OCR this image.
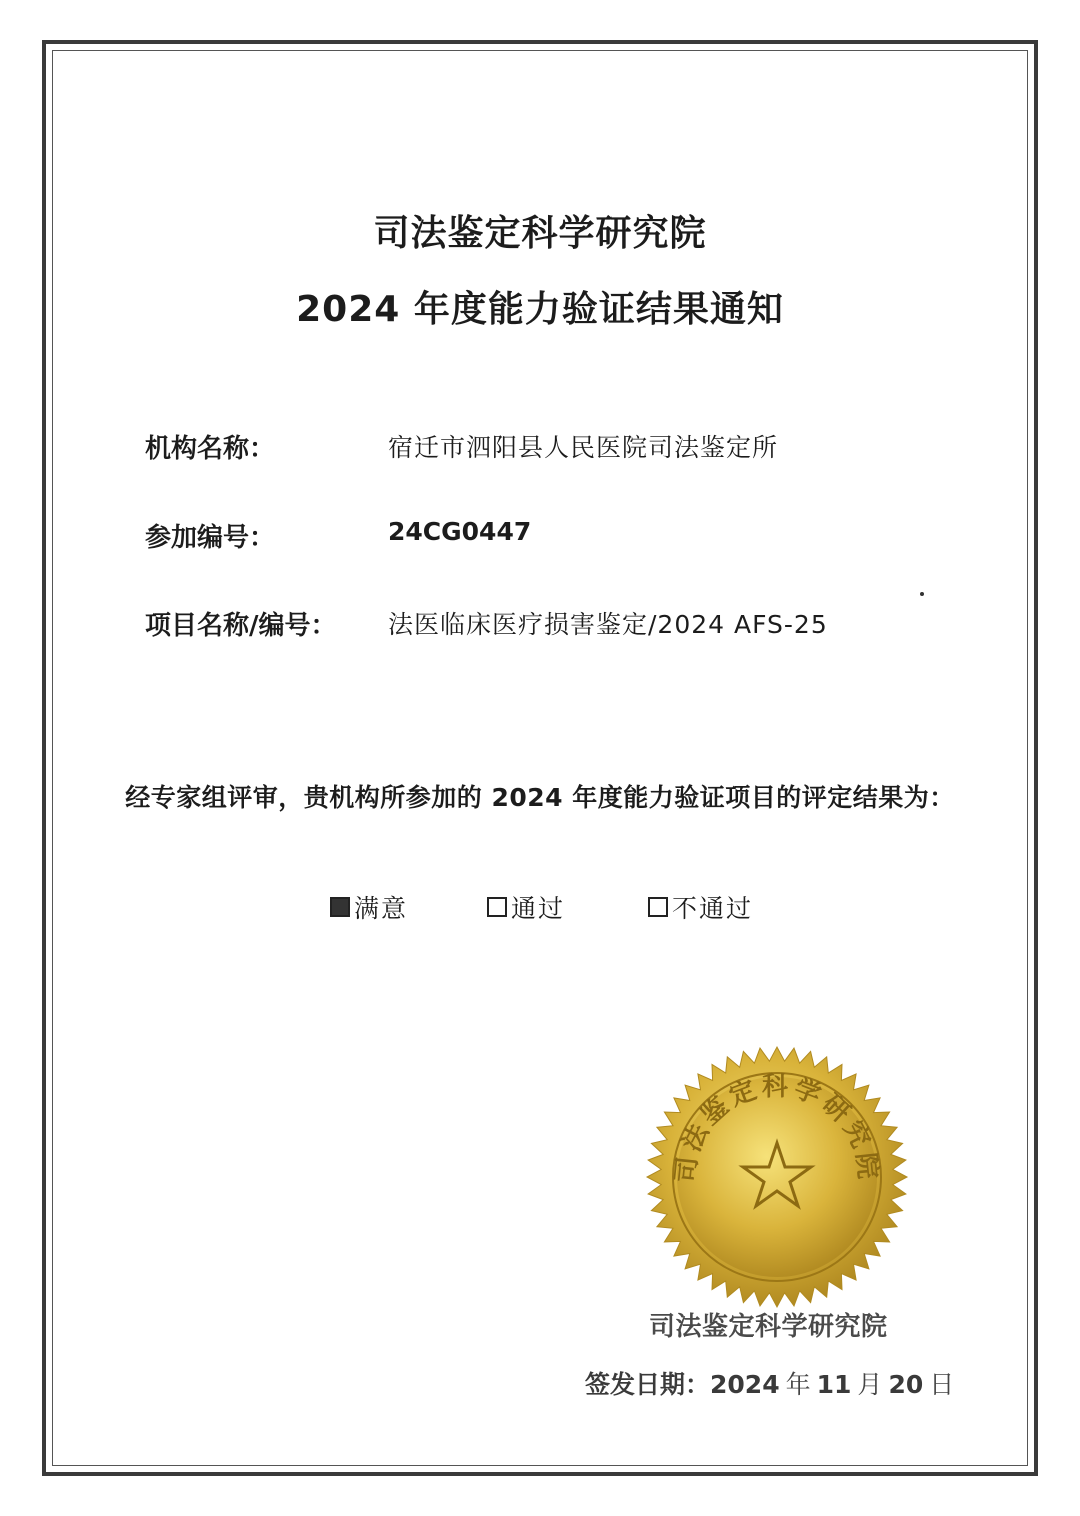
司法鉴定科学研究院
2024 年度能力验证结果通知
机构名称：	宿迁市泗阳县人民医院司法鉴定所
参加编号：	24CG0447
项目名称/编号： 法医临床医疗损害鉴定/2024 AFS-25
经专家组评审，贵机构所参加的 2024 年度能力验证项目的评定结果为：
满意	通过	不通过
司法鉴定科学研究院
司法鉴定科学研究院
签发日期：2024 年 11 月 20 日
